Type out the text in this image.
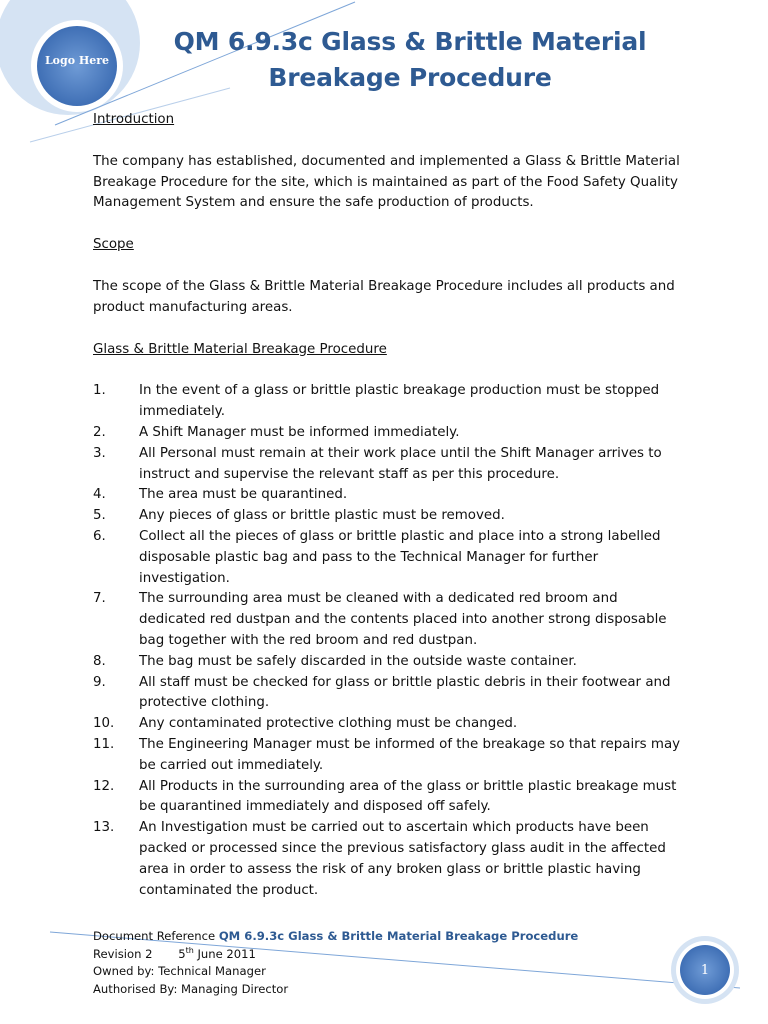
Logo Here
QM 6.9.3c Glass & Brittle Material Breakage Procedure

Introduction

The company has established, documented and implemented a Glass & Brittle Material Breakage Procedure for the site, which is maintained as part of the Food Safety Quality Management System and ensure the safe production of products.

Scope

The scope of the Glass & Brittle Material Breakage Procedure includes all products and product manufacturing areas.

Glass & Brittle Material Breakage Procedure

1.	In the event of a glass or brittle plastic breakage production must be stopped immediately.
2.	A Shift Manager must be informed immediately.
3.	All Personal must remain at their work place until the Shift Manager arrives to instruct and supervise the relevant staff as per this procedure.
4.	The area must be quarantined.
5.	Any pieces of glass or brittle plastic must be removed.
6.	Collect all the pieces of glass or brittle plastic and place into a strong labelled disposable plastic bag and pass to the Technical Manager for further investigation.
7.	The surrounding area must be cleaned with a dedicated red broom and dedicated red dustpan and the contents placed into another strong disposable bag together with the red broom and red dustpan.
8.	The bag must be safely discarded in the outside waste container.
9.	All staff must be checked for glass or brittle plastic debris in their footwear and protective clothing.
10.	Any contaminated protective clothing must be changed.
11.	The Engineering Manager must be informed of the breakage so that repairs may be carried out immediately.
12.	All Products in the surrounding area of the glass or brittle plastic breakage must be quarantined immediately and disposed off safely.
13.	An Investigation must be carried out to ascertain which products have been packed or processed since the previous satisfactory glass audit in the affected area in order to assess the risk of any broken glass or brittle plastic having contaminated the product.
Document Reference QM 6.9.3c Glass & Brittle Material Breakage Procedure
Revision 2 5th June 2011
Owned by: Technical Manager
Authorised By: Managing Director
1
